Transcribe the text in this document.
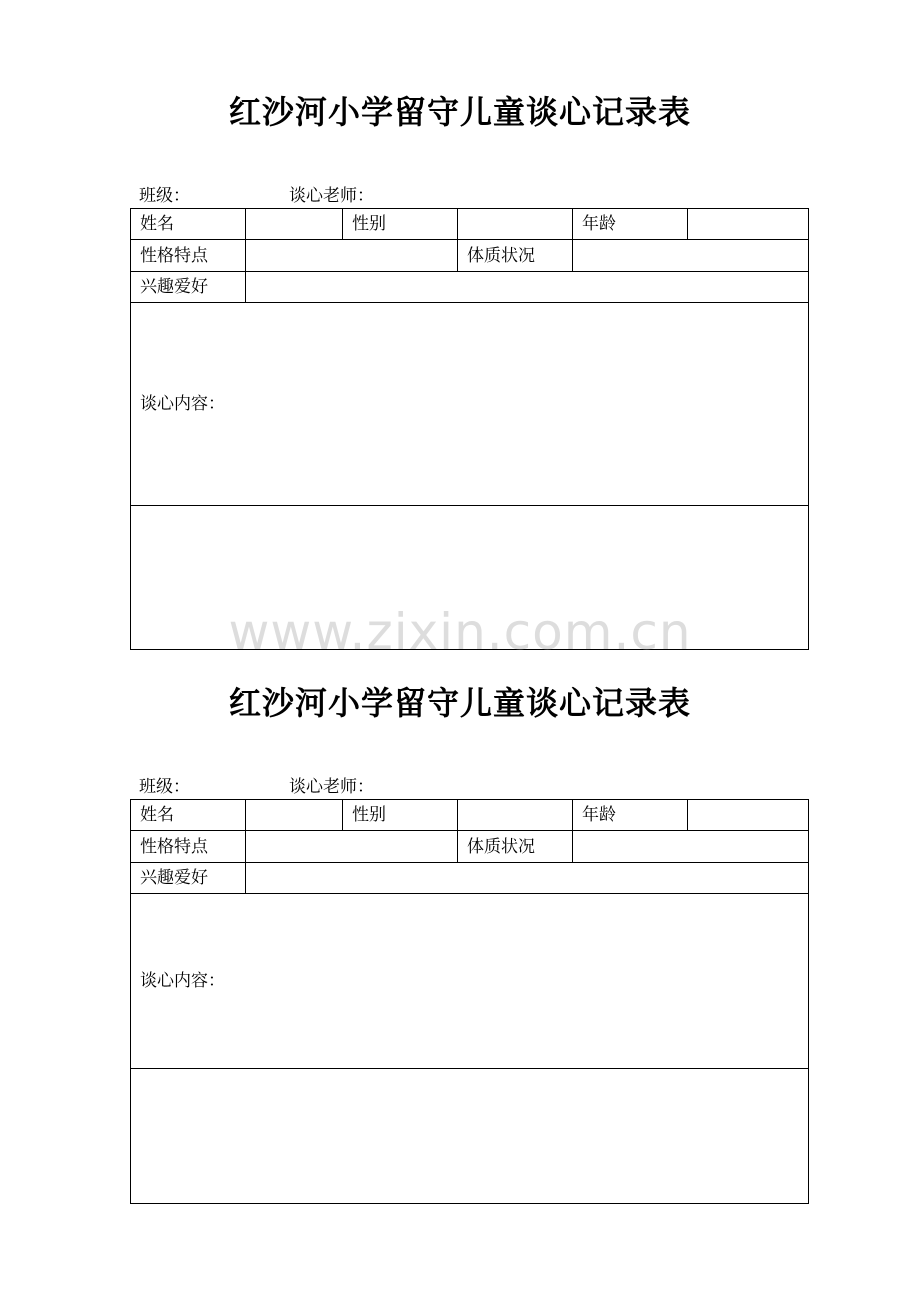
红沙河小学留守儿童谈心记录表
班级：	谈心老师：
姓名		性别		年龄	
性格特点			体质状况		
兴趣爱好					
谈心内容：					

www.zixin.com.cn
红沙河小学留守儿童谈心记录表
班级：	谈心老师：
姓名		性别		年龄	
性格特点			体质状况		
兴趣爱好					
谈心内容：					
